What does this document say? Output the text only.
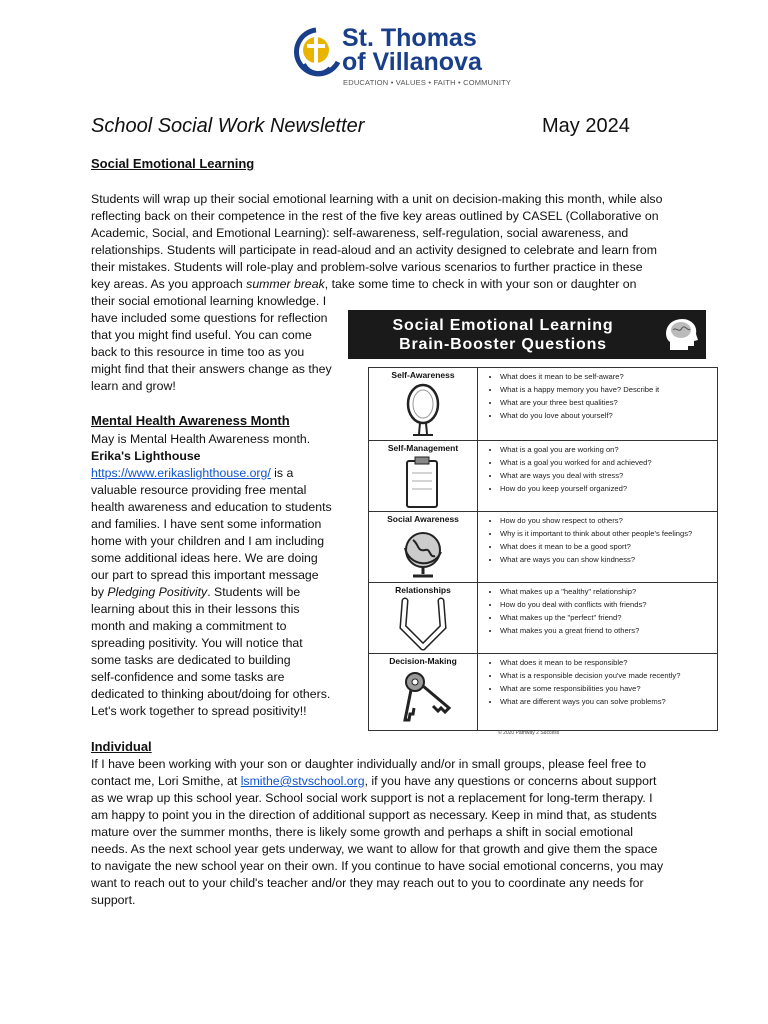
St. Thomas
of Villanova
EDUCATION • VALUES • FAITH • COMMUNITY
School Social Work Newsletter	May 2024
Social Emotional Learning
Students will wrap up their social emotional learning with a unit on decision-making this month, while also
reflecting back on their competence in the rest of the five key areas outlined by CASEL (Collaborative on
Academic, Social, and Emotional Learning): self-awareness, self-regulation, social awareness, and
relationships. Students will participate in read-aloud and an activity designed to celebrate and learn from
their mistakes. Students will role-play and problem-solve various scenarios to further practice in these
key areas. As you approach summer break, take some time to check in with your son or daughter on
their social emotional learning knowledge. I
have included some questions for reflection
that you might find useful. You can come
back to this resource in time too as you
might find that their answers change as they
learn and grow!
Mental Health Awareness Month
May is Mental Health Awareness month.
Erika's Lighthouse
https://www.erikaslighthouse.org/ is a
valuable resource providing free mental
health awareness and education to students
and families. I have sent some information
home with your children and I am including
some additional ideas here. We are doing
our part to spread this important message
by Pledging Positivity. Students will be
learning about this in their lessons this
month and making a commitment to
spreading positivity. You will notice that
some tasks are dedicated to building
self-confidence and some tasks are
dedicated to thinking about/doing for others.
Let's work together to spread positivity!!
Social Emotional Learning
Brain-Booster Questions
Self-Awareness	• What does it mean to be self-aware?
• What is a happy memory you have? Describe it
• What are your three best qualities?
• What do you love about yourself?
Self-Management	• What is a goal you are working on?
• What is a goal you worked for and achieved?
• What are ways you deal with stress?
• How do you keep yourself organized?
Social Awareness	• How do you show respect to others?
• Why is it important to think about other people's feelings?
• What does it mean to be a good sport?
• What are ways you can show kindness?
Relationships	• What makes up a "healthy" relationship?
• How do you deal with conflicts with friends?
• What makes up the "perfect" friend?
• What makes you a great friend to others?
Decision-Making	• What does it mean to be responsible?
• What is a responsible decision you've made recently?
• What are some responsibilities you have?
• What are different ways you can solve problems?
© 2020 Pathway 2 Success
Individual
If I have been working with your son or daughter individually and/or in small groups, please feel free to
contact me, Lori Smithe, at lsmithe@stvschool.org, if you have any questions or concerns about support
as we wrap up this school year. School social work support is not a replacement for long-term therapy. I
am happy to point you in the direction of additional support as necessary. Keep in mind that, as students
mature over the summer months, there is likely some growth and perhaps a shift in social emotional
needs. As the next school year gets underway, we want to allow for that growth and give them the space
to navigate the new school year on their own. If you continue to have social emotional concerns, you may
want to reach out to your child's teacher and/or they may reach out to you to coordinate any needs for
support.
